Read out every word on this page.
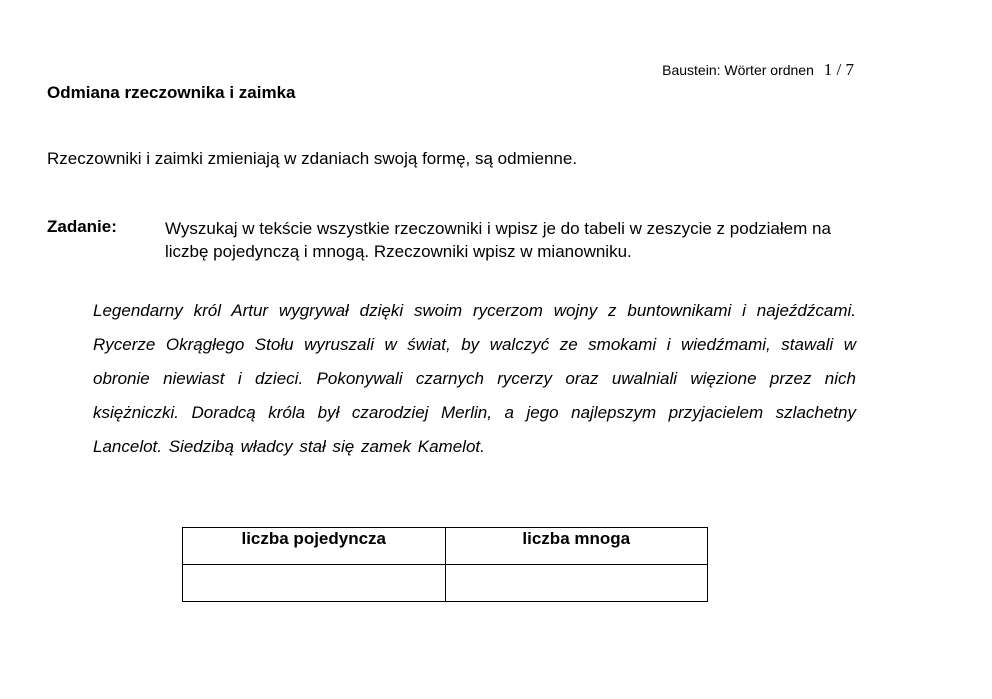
Baustein: Wörter ordnen 1 / 7
Odmiana rzeczownika i zaimka
Rzeczowniki i zaimki zmieniają w zdaniach swoją formę, są odmienne.
Zadanie:	Wyszukaj w tekście wszystkie rzeczowniki i wpisz je do tabeli w zeszycie z podziałem na liczbę pojedynczą i mnogą. Rzeczowniki wpisz w mianowniku.
Legendarny król Artur wygrywał dzięki swoim rycerzom wojny z buntownikami i najeźdźcami. Rycerze Okrągłego Stołu wyruszali w świat, by walczyć ze smokami i wiedźmami, stawali w obronie niewiast i dzieci. Pokonywali czarnych rycerzy oraz uwalniali więzione przez nich księżniczki. Doradcą króla był czarodziej Merlin, a jego najlepszym przyjacielem szlachetny Lancelot. Siedzibą władcy stał się zamek Kamelot.
liczba pojedyncza	liczba mnoga
